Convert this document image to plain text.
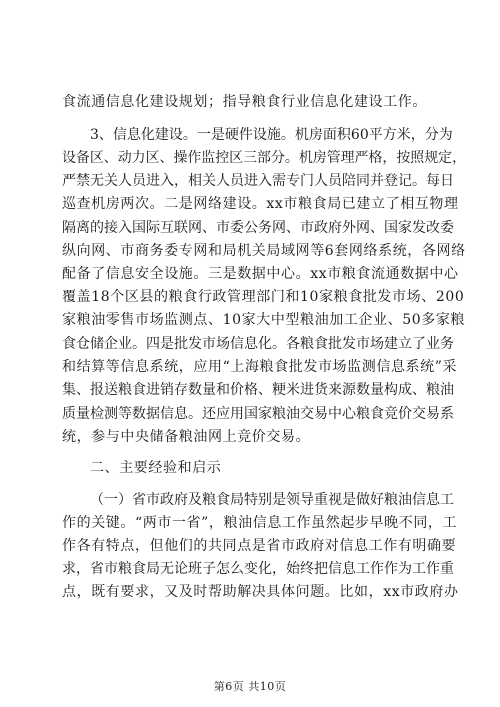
食流通信息化建设规划；指导粮食行业信息化建设工作。
3、信息化建设。一是硬件设施。机房面积60平方米，分为
设备区、动力区、操作监控区三部分。机房管理严格，按照规定，
严禁无关人员进入，相关人员进入需专门人员陪同并登记。每日
巡查机房两次。二是网络建设。xx市粮食局已建立了相互物理
隔离的接入国际互联网、市委公务网、市政府外网、国家发改委
纵向网、市商务委专网和局机关局域网等6套网络系统，各网络
配备了信息安全设施。三是数据中心。xx市粮食流通数据中心
覆盖18个区县的粮食行政管理部门和10家粮食批发市场、200
家粮油零售市场监测点、10家大中型粮油加工企业、50多家粮
食仓储企业。四是批发市场信息化。各粮食批发市场建立了业务
和结算等信息系统，应用“上海粮食批发市场监测信息系统”采
集、报送粮食进销存数量和价格、粳米进货来源数量构成、粮油
质量检测等数据信息。还应用国家粮油交易中心粮食竞价交易系
统，参与中央储备粮油网上竞价交易。
二、主要经验和启示
（一）省市政府及粮食局特别是领导重视是做好粮油信息工
作的关键。“两市一省”，粮油信息工作虽然起步早晚不同，工
作各有特点，但他们的共同点是省市政府对信息工作有明确要
求，省市粮食局无论班子怎么变化，始终把信息工作作为工作重
点，既有要求，又及时帮助解决具体问题。比如，xx市政府办
第6页 共10页
